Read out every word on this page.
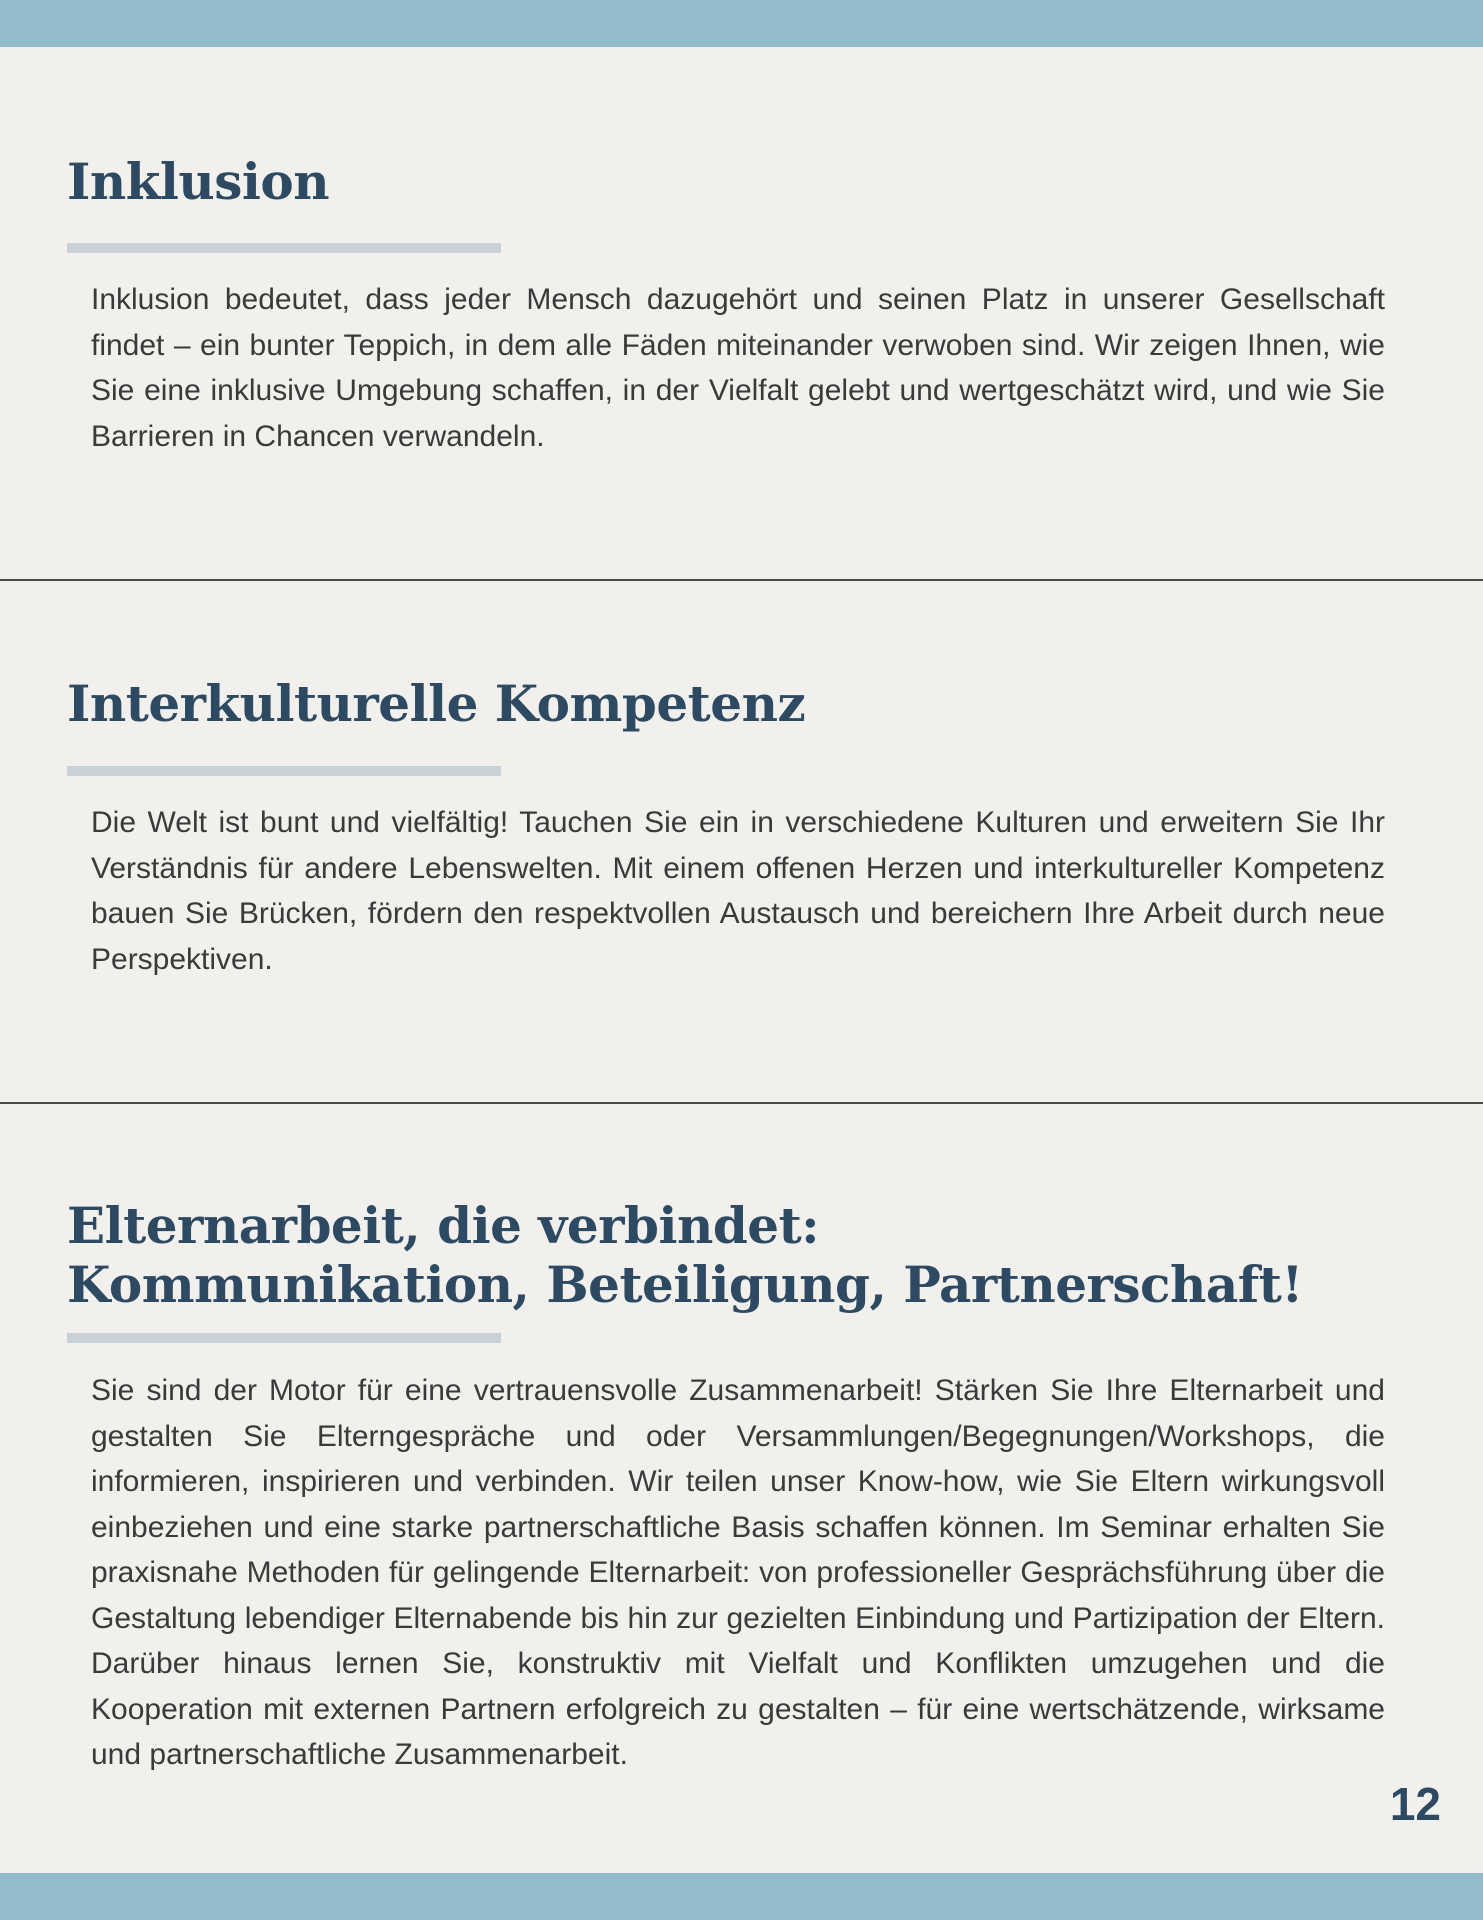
Inklusion

Inklusion bedeutet, dass jeder Mensch dazugehört und seinen Platz in unserer Gesellschaft findet – ein bunter Teppich, in dem alle Fäden miteinander verwoben sind. Wir zeigen Ihnen, wie Sie eine inklusive Umgebung schaffen, in der Vielfalt gelebt und wertgeschätzt wird, und wie Sie Barrieren in Chancen verwandeln.

Interkulturelle Kompetenz

Die Welt ist bunt und vielfältig! Tauchen Sie ein in verschiedene Kulturen und erweitern Sie Ihr Verständnis für andere Lebenswelten. Mit einem offenen Herzen und interkultureller Kompetenz bauen Sie Brücken, fördern den respektvollen Austausch und bereichern Ihre Arbeit durch neue Perspektiven.

Elternarbeit, die verbindet:
Kommunikation, Beteiligung, Partnerschaft!

Sie sind der Motor für eine vertrauensvolle Zusammenarbeit! Stärken Sie Ihre Elternarbeit und gestalten Sie Elterngespräche und oder Versammlungen/Begegnungen/Workshops, die informieren, inspirieren und verbinden. Wir teilen unser Know-how, wie Sie Eltern wirkungsvoll einbeziehen und eine starke partnerschaftliche Basis schaffen können. Im Seminar erhalten Sie praxisnahe Methoden für gelingende Elternarbeit: von professioneller Gesprächsführung über die Gestaltung lebendiger Elternabende bis hin zur gezielten Einbindung und Partizipation der Eltern. Darüber hinaus lernen Sie, konstruktiv mit Vielfalt und Konflikten umzugehen und die Kooperation mit externen Partnern erfolgreich zu gestalten – für eine wertschätzende, wirksame und partnerschaftliche Zusammenarbeit.

12
